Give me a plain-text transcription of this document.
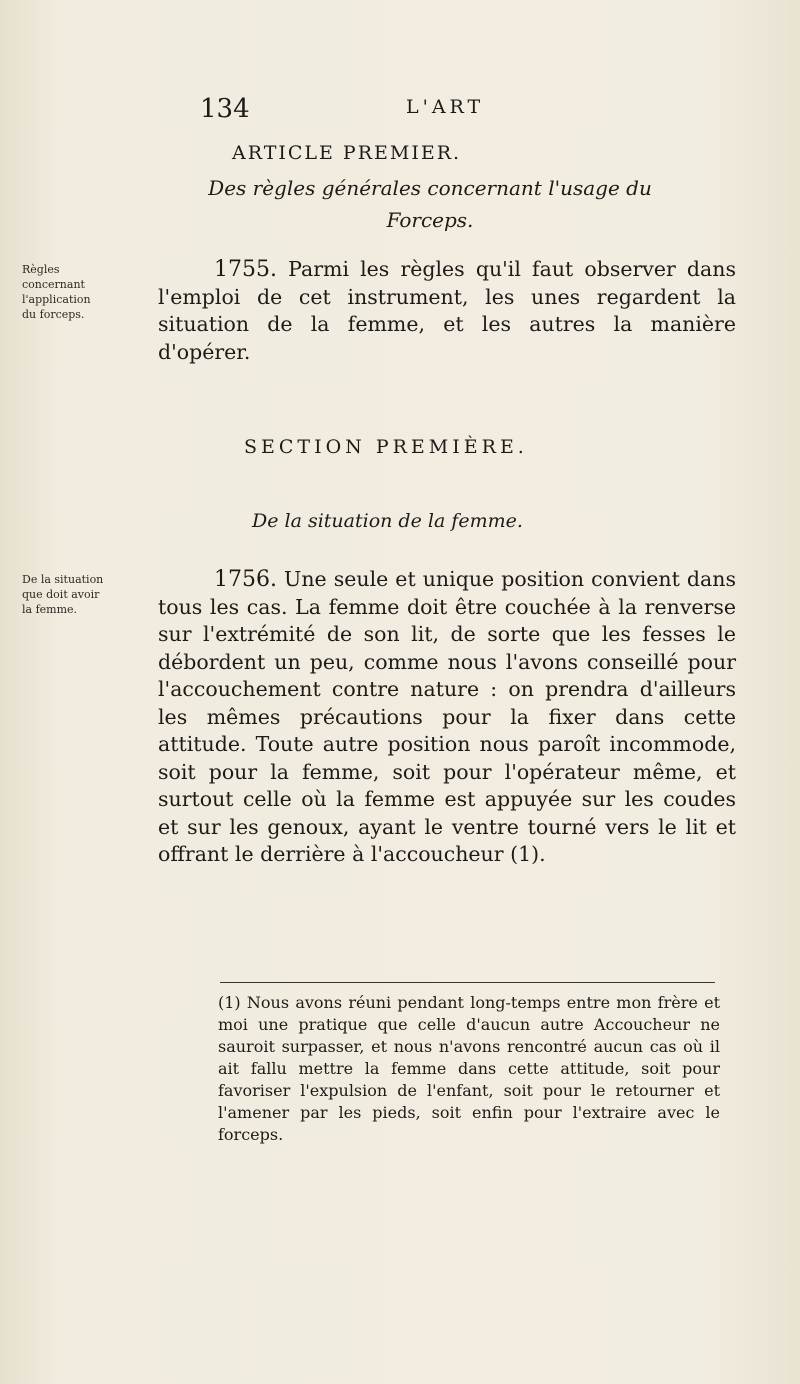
134	L'ART
ARTICLE PREMIER.
Des règles générales concernant l'usage du Forceps.
Règles concernant l'application du forceps.

1755. Parmi les règles qu'il faut observer dans l'emploi de cet instrument, les unes regardent la situation de la femme, et les autres la manière d'opérer.

SECTION PREMIÈRE.
De la situation de la femme.
De la situation que doit avoir la femme.

1756. Une seule et unique position convient dans tous les cas. La femme doit être couchée à la renverse sur l'extrémité de son lit, de sorte que les fesses le débordent un peu, comme nous l'avons conseillé pour l'accouchement contre nature : on prendra d'ailleurs les mêmes précautions pour la fixer dans cette attitude. Toute autre position nous paroît incommode, soit pour la femme, soit pour l'opérateur même, et surtout celle où la femme est appuyée sur les coudes et sur les genoux, ayant le ventre tourné vers le lit et offrant le derrière à l'accoucheur (1).

(1) Nous avons réuni pendant long-temps entre mon frère et moi une pratique que celle d'aucun autre Accoucheur ne sauroit surpasser, et nous n'avons rencontré aucun cas où il ait fallu mettre la femme dans cette attitude, soit pour favoriser l'expulsion de l'enfant, soit pour le retourner et l'amener par les pieds, soit enfin pour l'extraire avec le forceps.
